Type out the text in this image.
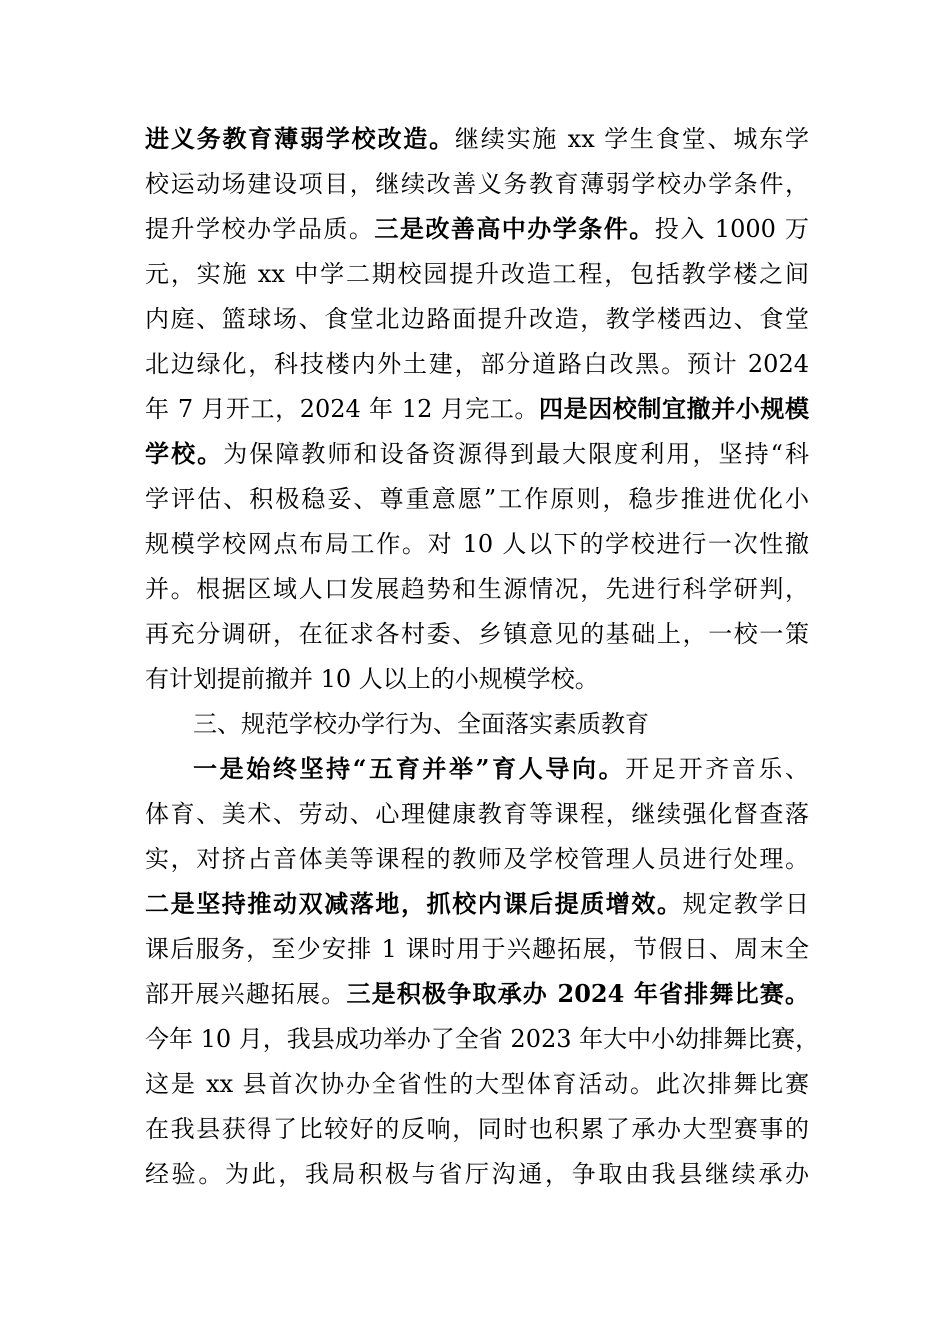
进义务教育薄弱学校改造。继续实施 xx 学生食堂、城东学
校运动场建设项目，继续改善义务教育薄弱学校办学条件，
提升学校办学品质。三是改善高中办学条件。投入 1000 万
元，实施 xx 中学二期校园提升改造工程，包括教学楼之间
内庭、篮球场、食堂北边路面提升改造，教学楼西边、食堂
北边绿化，科技楼内外土建，部分道路白改黑。预计 2024
年 7 月开工，2024 年 12 月完工。四是因校制宜撤并小规模
学校。为保障教师和设备资源得到最大限度利用，坚持“科
学评估、积极稳妥、尊重意愿”工作原则，稳步推进优化小
规模学校网点布局工作。对 10 人以下的学校进行一次性撤
并。根据区域人口发展趋势和生源情况，先进行科学研判，
再充分调研，在征求各村委、乡镇意见的基础上，一校一策
有计划提前撤并 10 人以上的小规模学校。
三、规范学校办学行为、全面落实素质教育
一是始终坚持“五育并举”育人导向。开足开齐音乐、
体育、美术、劳动、心理健康教育等课程，继续强化督查落
实，对挤占音体美等课程的教师及学校管理人员进行处理。
二是坚持推动双减落地，抓校内课后提质增效。规定教学日
课后服务，至少安排 1 课时用于兴趣拓展，节假日、周末全
部开展兴趣拓展。三是积极争取承办 2024 年省排舞比赛。
今年 10 月，我县成功举办了全省 2023 年大中小幼排舞比赛，
这是 xx 县首次协办全省性的大型体育活动。此次排舞比赛
在我县获得了比较好的反响，同时也积累了承办大型赛事的
经验。为此，我局积极与省厅沟通，争取由我县继续承办
